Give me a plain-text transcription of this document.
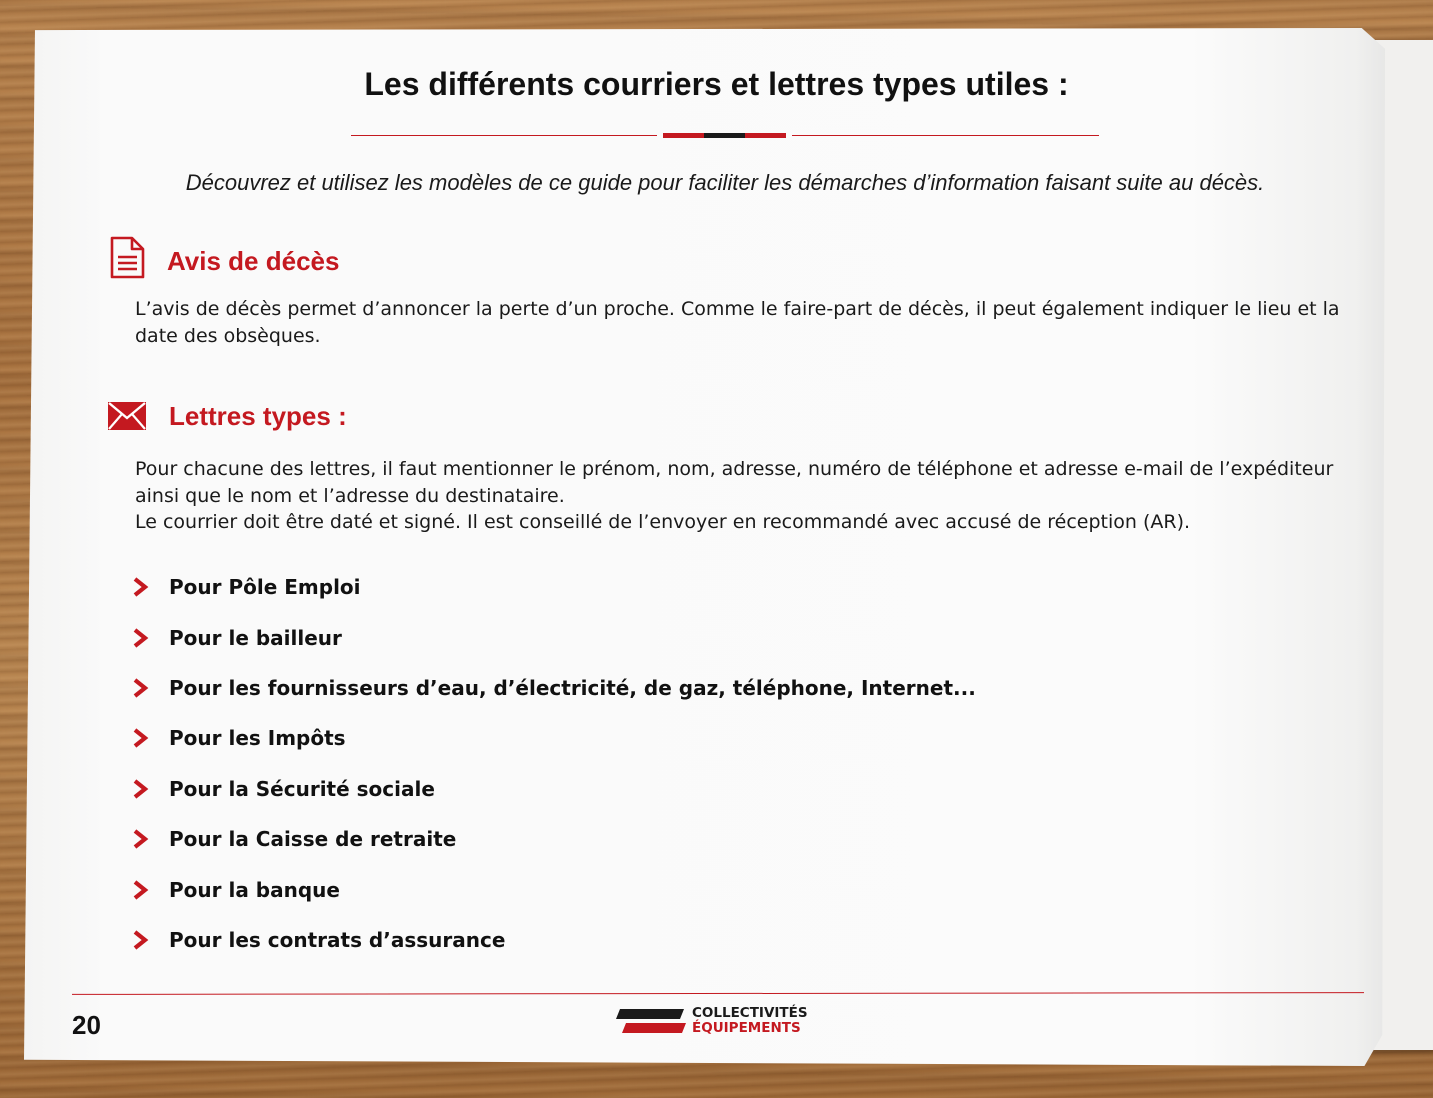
Les différents courriers et lettres types utiles :
Découvrez et utilisez les modèles de ce guide pour faciliter les démarches d’information faisant suite au décès.
Avis de décès
L’avis de décès permet d’annoncer la perte d’un proche. Comme le faire-part de décès, il peut également indiquer le lieu et la date des obsèques.
Lettres types :
Pour chacune des lettres, il faut mentionner le prénom, nom, adresse, numéro de téléphone et adresse e-mail de l’expéditeur ainsi que le nom et l’adresse du destinataire.
Le courrier doit être daté et signé. Il est conseillé de l’envoyer en recommandé avec accusé de réception (AR).
Pour Pôle Emploi
Pour le bailleur
Pour les fournisseurs d’eau, d’électricité, de gaz, téléphone, Internet...
Pour les Impôts
Pour la Sécurité sociale
Pour la Caisse de retraite
Pour la banque
Pour les contrats d’assurance
20	COLLECTIVITÉS
ÉQUIPEMENTS
